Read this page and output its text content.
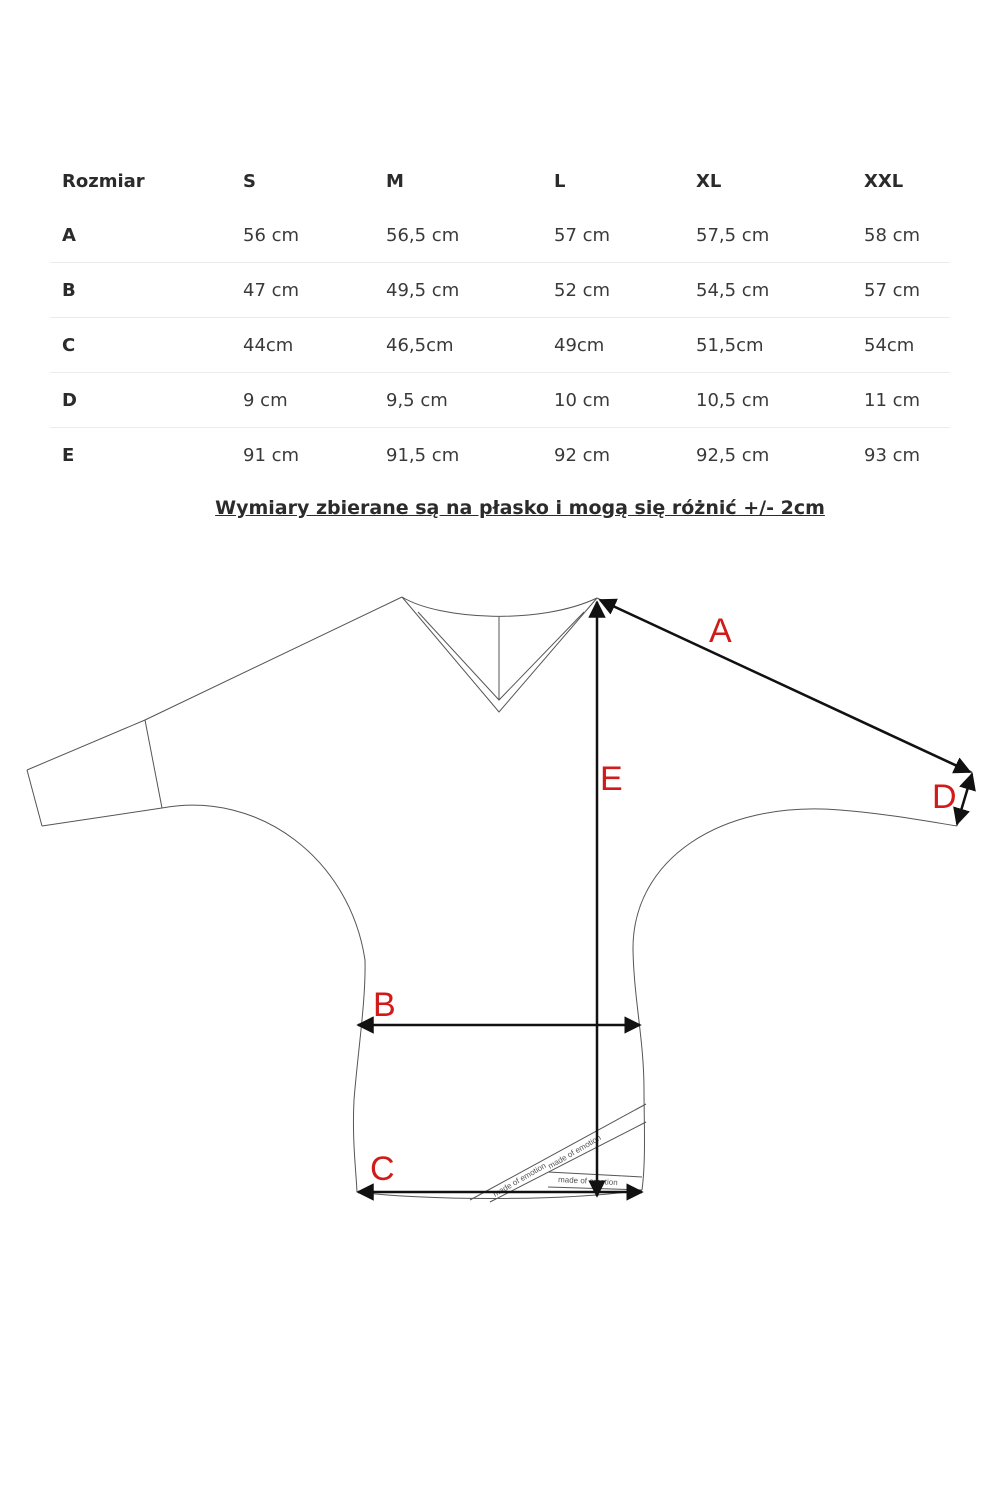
Rozmiar	S	M	L	XL	XXL
A	56 cm	56,5 cm	57 cm	57,5 cm	58 cm
B	47 cm	49,5 cm	52 cm	54,5 cm	57 cm
C	44cm	46,5cm	49cm	51,5cm	54cm
D	9 cm	9,5 cm	10 cm	10,5 cm	11 cm
E	91 cm	91,5 cm	92 cm	92,5 cm	93 cm
Wymiary zbierane są na płasko i mogą się różnić +/- 2cm
made of emotion
made of emotion
made of emotion
A
D
E
B
C
